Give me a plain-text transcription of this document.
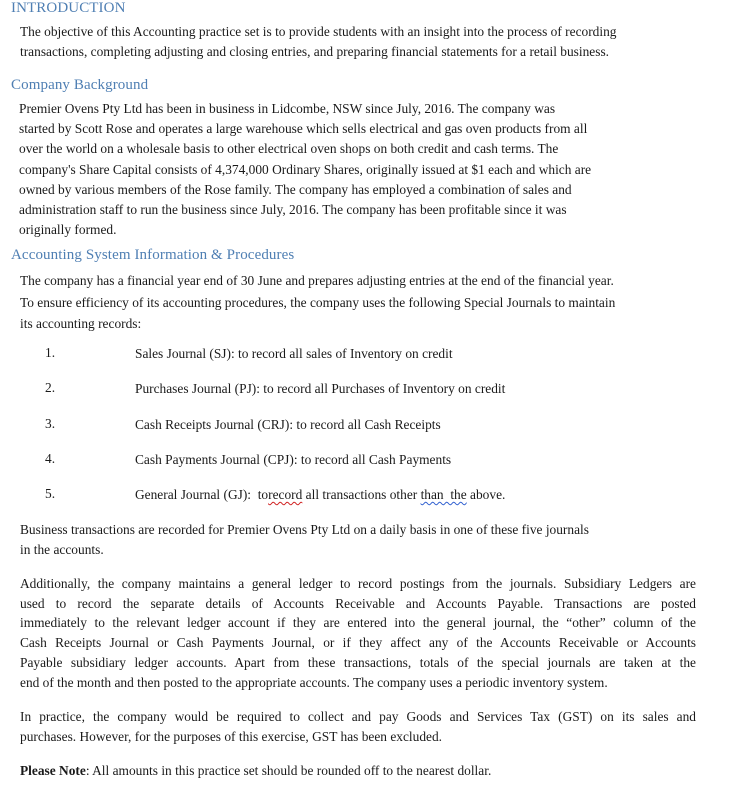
INTRODUCTION
The objective of this Accounting practice set is to provide students with an insight into the process of recording
transactions, completing adjusting and closing entries, and preparing financial statements for a retail business.
Company Background
Premier Ovens Pty Ltd has been in business in Lidcombe, NSW since July, 2016. The company was
started by Scott Rose and operates a large warehouse which sells electrical and gas oven products from all
over the world on a wholesale basis to other electrical oven shops on both credit and cash terms. The
company's Share Capital consists of 4,374,000 Ordinary Shares, originally issued at $1 each and which are
owned by various members of the Rose family. The company has employed a combination of sales and
administration staff to run the business since July, 2016. The company has been profitable since it was
originally formed.
Accounting System Information & Procedures
The company has a financial year end of 30 June and prepares adjusting entries at the end of the financial year.
To ensure efficiency of its accounting procedures, the company uses the following Special Journals to maintain
its accounting records:
1.	Sales Journal (SJ): to record all sales of Inventory on credit
2.	Purchases Journal (PJ): to record all Purchases of Inventory on credit
3.	Cash Receipts Journal (CRJ): to record all Cash Receipts
4.	Cash Payments Journal (CPJ): to record all Cash Payments
5.	General Journal (GJ):  torecord all transactions other than  the above.
Business transactions are recorded for Premier Ovens Pty Ltd on a daily basis in one of these five journals
in the accounts.
Additionally, the company maintains a general ledger to record postings from the journals. Subsidiary Ledgers are
used to record the separate details of Accounts Receivable and Accounts Payable. Transactions are posted
immediately to the relevant ledger account if they are entered into the general journal, the “other” column of the
Cash Receipts Journal or Cash Payments Journal, or if they affect any of the Accounts Receivable or Accounts
Payable subsidiary ledger accounts. Apart from these transactions, totals of the special journals are taken at the
end of the month and then posted to the appropriate accounts. The company uses a periodic inventory system.
In practice, the company would be required to collect and pay Goods and Services Tax (GST) on its sales and
purchases. However, for the purposes of this exercise, GST has been excluded.
Please Note: All amounts in this practice set should be rounded off to the nearest dollar.
